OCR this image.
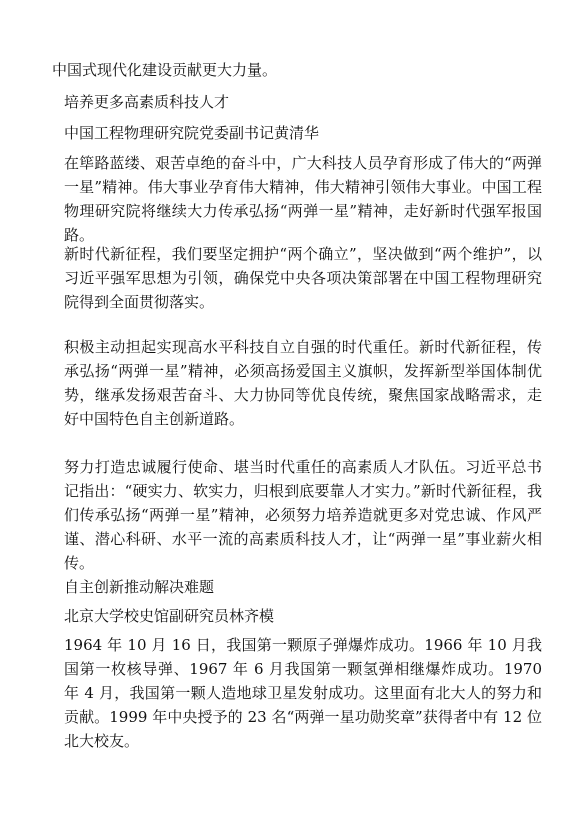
中国式现代化建设贡献更大力量。
培养更多高素质科技人才
中国工程物理研究院党委副书记黄清华
在筚路蓝缕、艰苦卓绝的奋斗中，广大科技人员孕育形成了伟大的“两弹一星”精神。伟大事业孕育伟大精神，伟大精神引领伟大事业。中国工程物理研究院将继续大力传承弘扬“两弹一星”精神，走好新时代强军报国路。
新时代新征程，我们要坚定拥护“两个确立”，坚决做到“两个维护”，以习近平强军思想为引领，确保党中央各项决策部署在中国工程物理研究院得到全面贯彻落实。
积极主动担起实现高水平科技自立自强的时代重任。新时代新征程，传承弘扬“两弹一星”精神，必须高扬爱国主义旗帜，发挥新型举国体制优势，继承发扬艰苦奋斗、大力协同等优良传统，聚焦国家战略需求，走好中国特色自主创新道路。
努力打造忠诚履行使命、堪当时代重任的高素质人才队伍。习近平总书记指出：“硬实力、软实力，归根到底要靠人才实力。”新时代新征程，我们传承弘扬“两弹一星”精神，必须努力培养造就更多对党忠诚、作风严谨、潜心科研、水平一流的高素质科技人才，让“两弹一星”事业薪火相传。
自主创新推动解决难题
北京大学校史馆副研究员林齐模
1964 年 10 月 16 日，我国第一颗原子弹爆炸成功。1966 年 10 月我国第一枚核导弹、1967 年 6 月我国第一颗氢弹相继爆炸成功。1970 年 4 月，我国第一颗人造地球卫星发射成功。这里面有北大人的努力和贡献。1999 年中央授予的 23 名“两弹一星功勋奖章”获得者中有 12 位北大校友。
